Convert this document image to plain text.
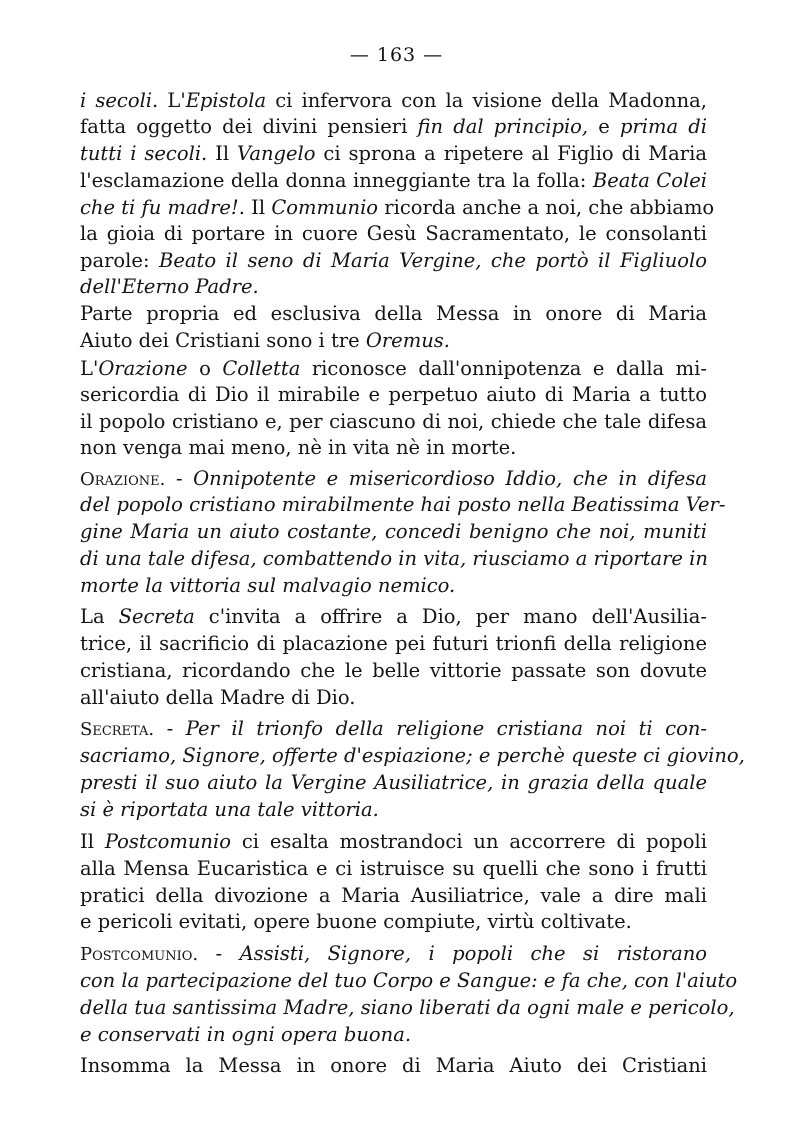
— 163 —
i secoli. L'Epistola ci infervora con la visione della Madonna,
fatta oggetto dei divini pensieri fin dal principio, e prima di
tutti i secoli. Il Vangelo ci sprona a ripetere al Figlio di Maria
l'esclamazione della donna inneggiante tra la folla: Beata Colei
che ti fu madre!. Il Communio ricorda anche a noi, che abbiamo
la gioia di portare in cuore Gesù Sacramentato, le consolanti
parole: Beato il seno di Maria Vergine, che portò il Figliuolo
dell'Eterno Padre.
Parte propria ed esclusiva della Messa in onore di Maria
Aiuto dei Cristiani sono i tre Oremus.
L'Orazione o Colletta riconosce dall'onnipotenza e dalla mi-
sericordia di Dio il mirabile e perpetuo aiuto di Maria a tutto
il popolo cristiano e, per ciascuno di noi, chiede che tale difesa
non venga mai meno, nè in vita nè in morte.
Orazione. - Onnipotente e misericordioso Iddio, che in difesa
del popolo cristiano mirabilmente hai posto nella Beatissima Ver-
gine Maria un aiuto costante, concedi benigno che noi, muniti
di una tale difesa, combattendo in vita, riusciamo a riportare in
morte la vittoria sul malvagio nemico.
La Secreta c'invita a offrire a Dio, per mano dell'Ausilia-
trice, il sacrificio di placazione pei futuri trionfi della religione
cristiana, ricordando che le belle vittorie passate son dovute
all'aiuto della Madre di Dio.
Secreta. - Per il trionfo della religione cristiana noi ti con-
sacriamo, Signore, offerte d'espiazione; e perchè queste ci giovino,
presti il suo aiuto la Vergine Ausiliatrice, in grazia della quale
si è riportata una tale vittoria.
Il Postcomunio ci esalta mostrandoci un accorrere di popoli
alla Mensa Eucaristica e ci istruisce su quelli che sono i frutti
pratici della divozione a Maria Ausiliatrice, vale a dire mali
e pericoli evitati, opere buone compiute, virtù coltivate.
Postcomunio. - Assisti, Signore, i popoli che si ristorano
con la partecipazione del tuo Corpo e Sangue: e fa che, con l'aiuto
della tua santissima Madre, siano liberati da ogni male e pericolo,
e conservati in ogni opera buona.
Insomma la Messa in onore di Maria Aiuto dei Cristiani
